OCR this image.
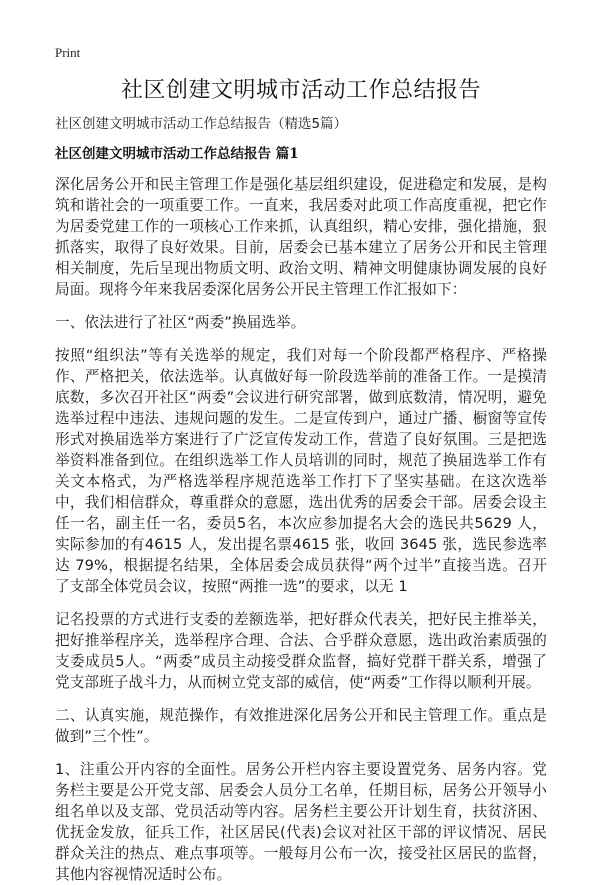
Print
社区创建文明城市活动工作总结报告

社区创建文明城市活动工作总结报告（精选5篇）

社区创建文明城市活动工作总结报告 篇1

深化居务公开和民主管理工作是强化基层组织建设，促进稳定和发展，是构筑和谐社会的一项重要工作。一直来，我居委对此项工作高度重视，把它作为居委党建工作的一项核心工作来抓，认真组织，精心安排，强化措施，狠抓落实，取得了良好效果。目前，居委会已基本建立了居务公开和民主管理相关制度，先后呈现出物质文明、政治文明、精神文明健康协调发展的良好局面。现将今年来我居委深化居务公开民主管理工作汇报如下：

一、依法进行了社区“两委”换届选举。

按照“组织法”等有关选举的规定，我们对每一个阶段都严格程序、严格操作、严格把关，依法选举。认真做好每一阶段选举前的准备工作。一是摸清底数，多次召开社区“两委”会议进行研究部署，做到底数清，情况明，避免选举过程中违法、违规问题的发生。二是宣传到户，通过广播、橱窗等宣传形式对换届选举方案进行了广泛宣传发动工作，营造了良好氛围。三是把选举资料准备到位。在组织选举工作人员培训的同时，规范了换届选举工作有关文本格式，为严格选举程序规范选举工作打下了坚实基础。在这次选举中，我们相信群众，尊重群众的意愿，选出优秀的居委会干部。居委会设主任一名，副主任一名，委员5名，本次应参加提名大会的选民共5629 人，实际参加的有4615 人，发出提名票4615 张，收回 3645 张，选民参选率达 79%，根据提名结果，全体居委会成员获得“两个过半”直接当选。召开了支部全体党员会议，按照“两推一选”的要求，以无 1

记名投票的方式进行支委的差额选举，把好群众代表关，把好民主推举关，把好推举程序关，选举程序合理、合法、合乎群众意愿，选出政治素质强的支委成员5人。“两委”成员主动接受群众监督，搞好党群干群关系，增强了党支部班子战斗力，从而树立党支部的威信，使“两委”工作得以顺利开展。

二、认真实施，规范操作，有效推进深化居务公开和民主管理工作。重点是做到”三个性”。

1、注重公开内容的全面性。居务公开栏内容主要设置党务、居务内容。党务栏主要是公开党支部、居委会人员分工名单，任期目标，居务公开领导小组名单以及支部、党员活动等内容。居务栏主要公开计划生育，扶贫济困、优抚金发放，征兵工作，社区居民(代表)会议对社区干部的评议情况、居民群众关注的热点、难点事项等。一般每月公布一次，接受社区居民的监督，其他内容视情况适时公布。
